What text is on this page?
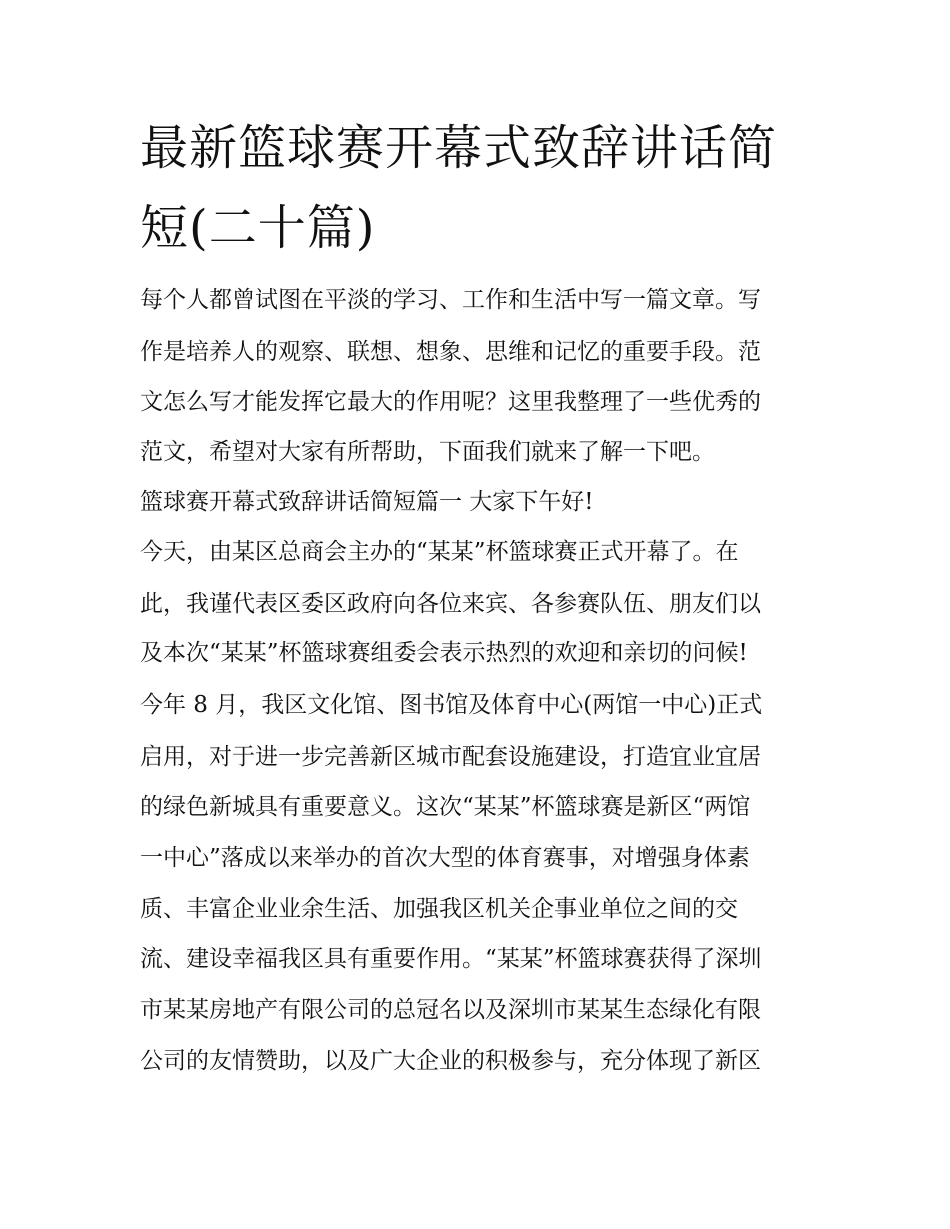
最新篮球赛开幕式致辞讲话简
短(二十篇)
每个人都曾试图在平淡的学习、工作和生活中写一篇文章。写
作是培养人的观察、联想、想象、思维和记忆的重要手段。范
文怎么写才能发挥它最大的作用呢？这里我整理了一些优秀的
范文，希望对大家有所帮助，下面我们就来了解一下吧。
篮球赛开幕式致辞讲话简短篇一 大家下午好!
今天，由某区总商会主办的“某某”杯篮球赛正式开幕了。在
此，我谨代表区委区政府向各位来宾、各参赛队伍、朋友们以
及本次“某某”杯篮球赛组委会表示热烈的欢迎和亲切的问候!
今年 8 月，我区文化馆、图书馆及体育中心(两馆一中心)正式
启用，对于进一步完善新区城市配套设施建设，打造宜业宜居
的绿色新城具有重要意义。这次“某某”杯篮球赛是新区“两馆
一中心”落成以来举办的首次大型的体育赛事，对增强身体素
质、丰富企业业余生活、加强我区机关企事业单位之间的交
流、建设幸福我区具有重要作用。“某某”杯篮球赛获得了深圳
市某某房地产有限公司的总冠名以及深圳市某某生态绿化有限
公司的友情赞助，以及广大企业的积极参与，充分体现了新区
